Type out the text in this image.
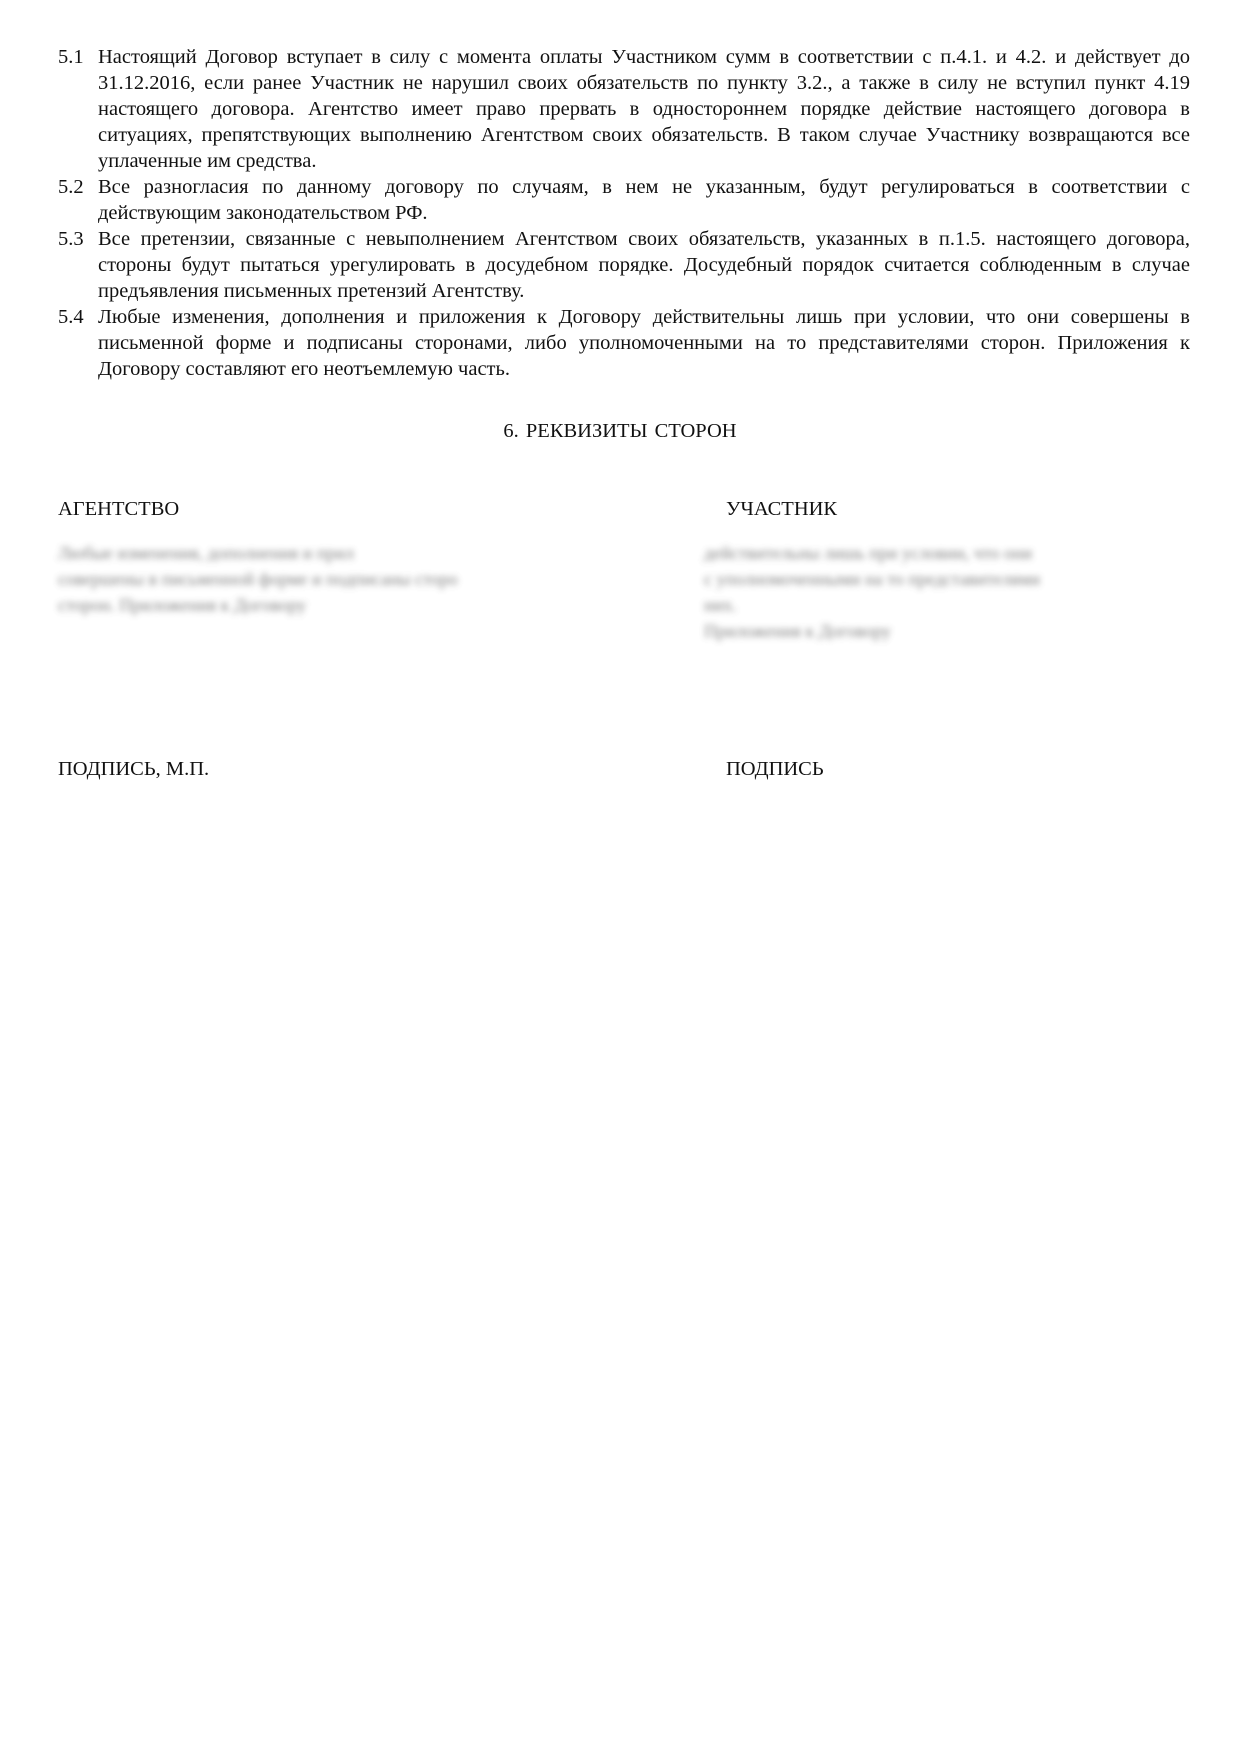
5.1 Настоящий Договор вступает в силу с момента оплаты Участником сумм в соответствии с п.4.1. и 4.2. и действует до 31.12.2016, если ранее Участник не нарушил своих обязательств по пункту 3.2., а также в силу не вступил пункт 4.19 настоящего договора. Агентство имеет право прервать в одностороннем порядке действие настоящего договора в ситуациях, препятствующих выполнению Агентством своих обязательств. В таком случае Участнику возвращаются все уплаченные им средства.
5.2 Все разногласия по данному договору по случаям, в нем не указанным, будут регулироваться в соответствии с действующим законодательством РФ.
5.3 Все претензии, связанные с невыполнением Агентством своих обязательств, указанных в п.1.5. настоящего договора, стороны будут пытаться урегулировать в досудебном порядке. Досудебный порядок считается соблюденным в случае предъявления письменных претензий Агентству.
5.4 Любые изменения, дополнения и приложения к Договору действительны лишь при условии, что они совершены в письменной форме и подписаны сторонами, либо уполномоченными на то представителями сторон. Приложения к Договору составляют его неотъемлемую часть.
6. РЕКВИЗИТЫ СТОРОН
АГЕНТСТВО	УЧАСТНИК
Любые изменения, дополнения и прил
совершены в письменной форме и подписаны сторо
сторон. Приложения к Договору
действительны лишь при условии, что они
с уполномоченными на то представителями
них.
Приложения к Договору
ПОДПИСЬ, М.П.	ПОДПИСЬ
